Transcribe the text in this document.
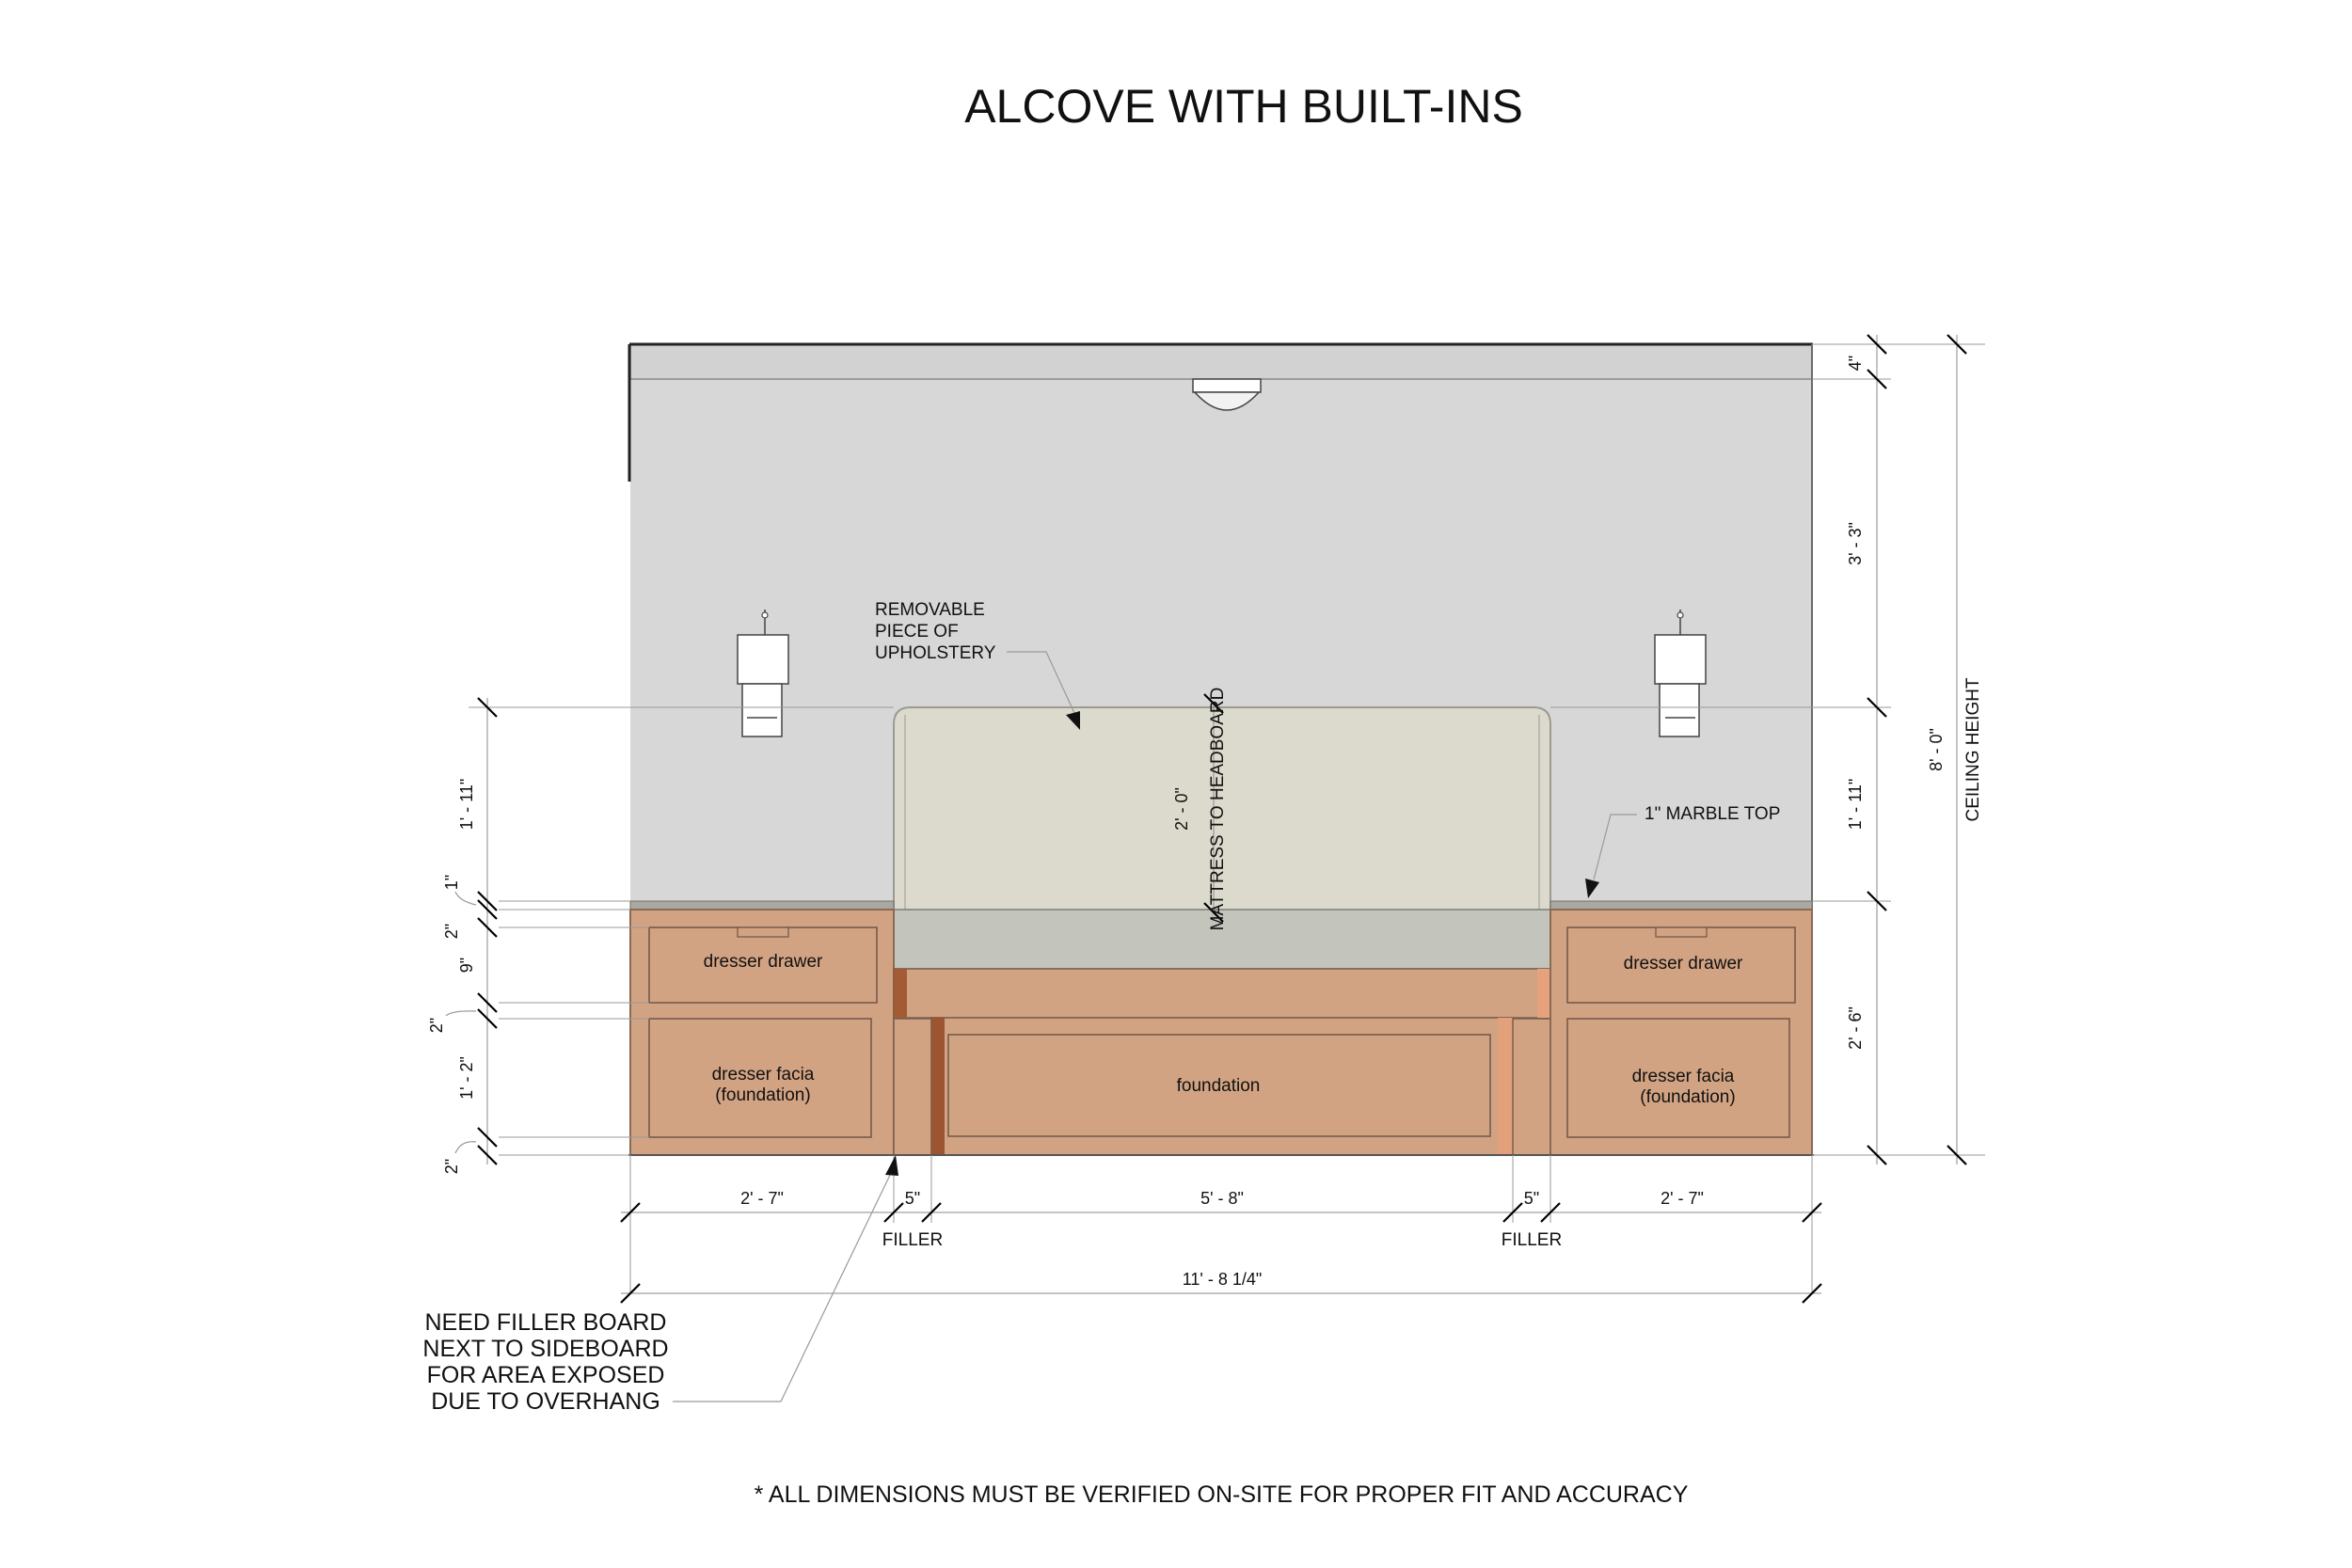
ALCOVE WITH BUILT-INS
dresser drawer
dresser facia
(foundation)	foundation
dresser drawer
dresser facia
(foundation)
REMOVABLE
PIECE OF
UPHOLSTERY
1" MARBLE TOP
2' - 0" MATTRESS TO HEADBOARD
4"
3' - 3"
1' - 11"
2' - 6"
8' - 0" CEILING HEIGHT
1' - 11"
1"
2"
9"
2"
1' - 2"
2"
2' - 7"	5"	5' - 8"	5"	2' - 7"
FILLER	FILLER
11' - 8 1/4"
NEED FILLER BOARD
NEXT TO SIDEBOARD
FOR AREA EXPOSED
DUE TO OVERHANG
* ALL DIMENSIONS MUST BE VERIFIED ON-SITE FOR PROPER FIT AND ACCURACY
